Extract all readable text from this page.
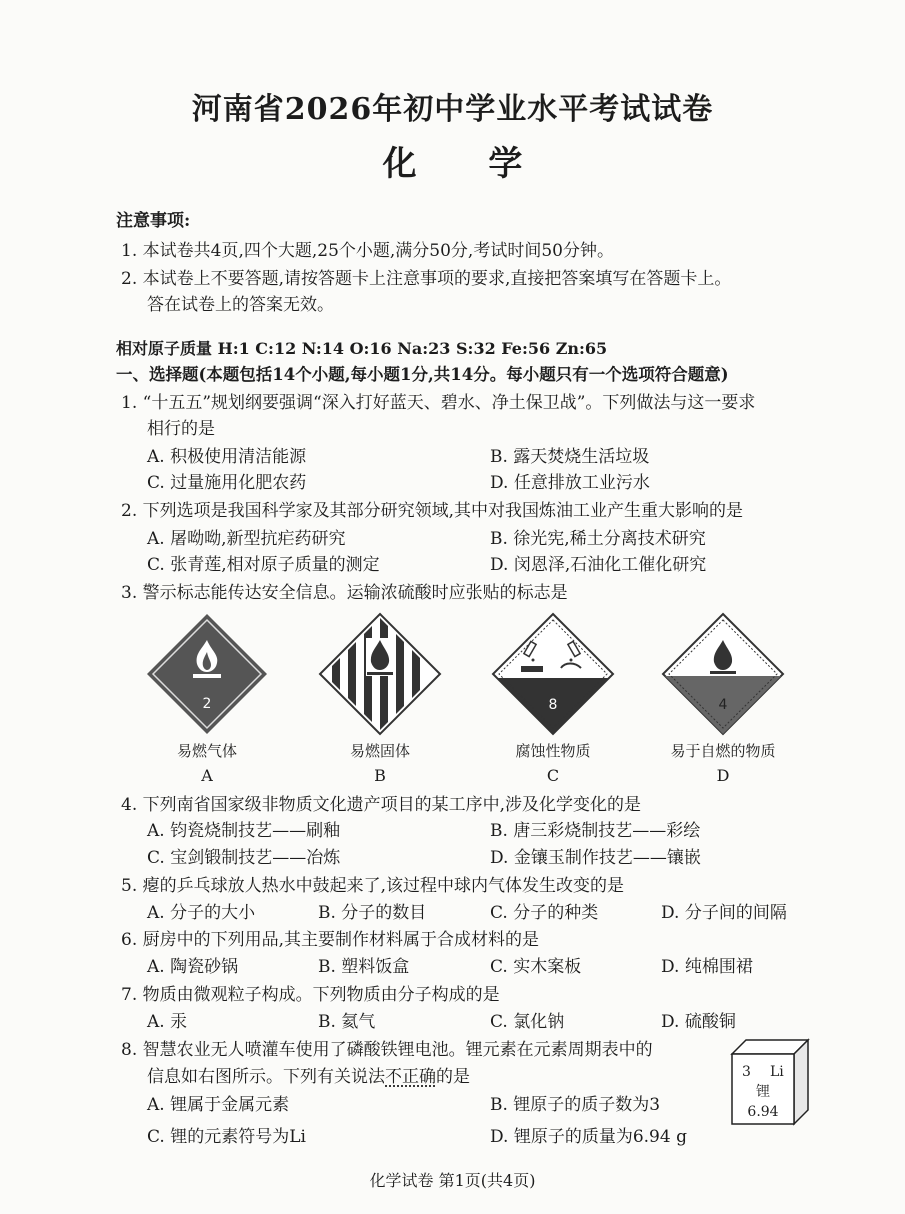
河南省2026年初中学业水平考试试卷
化 学
注意事项:
1. 本试卷共4页,四个大题,25个小题,满分50分,考试时间50分钟。
2. 本试卷上不要答题,请按答题卡上注意事项的要求,直接把答案填写在答题卡上。
答在试卷上的答案无效。
相对原子质量 H:1 C:12 N:14 O:16 Na:23 S:32 Fe:56 Zn:65
一、选择题(本题包括14个小题,每小题1分,共14分。每小题只有一个选项符合题意)
1. “十五五”规划纲要强调“深入打好蓝天、碧水、净土保卫战”。下列做法与这一要求
相行的是
A. 积极使用清洁能源	B. 露天焚烧生活垃圾
C. 过量施用化肥农药	D. 任意排放工业污水
2. 下列选项是我国科学家及其部分研究领域,其中对我国炼油工业产生重大影响的是
A. 屠呦呦,新型抗疟药研究	B. 徐光宪,稀土分离技术研究
C. 张青莲,相对原子质量的测定	D. 闵恩泽,石油化工催化研究
3. 警示标志能传达安全信息。运输浓硫酸时应张贴的标志是
2	8	4
易燃气体	易燃固体	腐蚀性物质	易于自燃的物质
A	B	C	D
4. 下列南省国家级非物质文化遗产项目的某工序中,涉及化学变化的是
A. 钧瓷烧制技艺——刷釉	B. 唐三彩烧制技艺——彩绘
C. 宝剑锻制技艺——冶炼	D. 金镶玉制作技艺——镶嵌
5. 瘪的乒乓球放人热水中鼓起来了,该过程中球内气体发生改变的是
A. 分子的大小	B. 分子的数目	C. 分子的种类	D. 分子间的间隔
6. 厨房中的下列用品,其主要制作材料属于合成材料的是
A. 陶瓷砂锅	B. 塑料饭盒	C. 实木案板	D. 纯棉围裙
7. 物质由微观粒子构成。下列物质由分子构成的是
A. 汞	B. 氦气	C. 氯化钠	D. 硫酸铜
8. 智慧农业无人喷灌车使用了磷酸铁锂电池。锂元素在元素周期表中的
信息如右图所示。下列有关说法不正确的是
A. 锂属于金属元素	B. 锂原子的质子数为3
C. 锂的元素符号为Li	D. 锂原子的质量为6.94 g
3 Li
锂
6.94
化学试卷 第1页(共4页)
